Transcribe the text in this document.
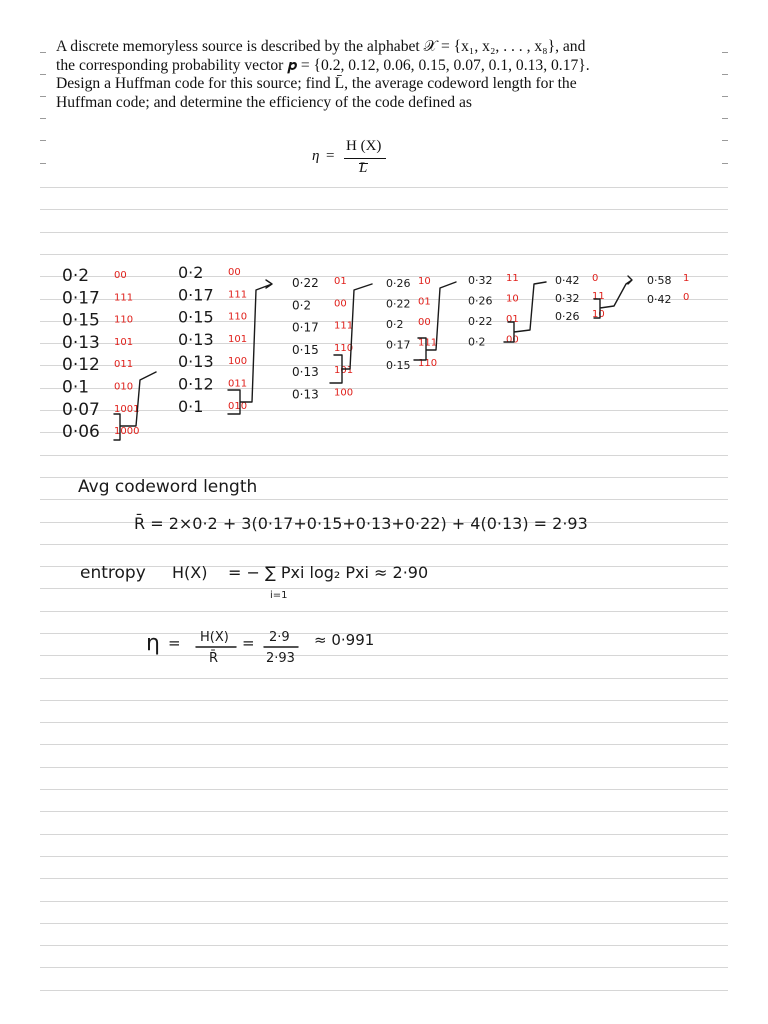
A discrete memoryless source is described by the alphabet 𝒳 = {x₁, x₂, . . . , x₈}, and
the corresponding probability vector 𝒑 = {0.2, 0.12, 0.06, 0.15, 0.07, 0.1, 0.13, 0.17}.
Design a Huffman code for this source; find L̄, the average codeword length for the
Huffman code; and determine the efficiency of the code defined as
η =
H (X)
L
0·2 00
0·17 111
0·15 110
0·13 101
0·12 011
0·1 010
0·07 1001
0·06 1000
0·2 00
0·17 111
0·15 110
0·13 101
0·13 100
0·12 011
0·1 010
0·22 01
0·2 00
0·17 111
0·15 110
0·13 101
0·13 100
0·26 10
0·22 01
0·2 00
0·17 111
0·15 110
0·32 11
0·26 10
0·22 01
0·2 00
0·42 0
0·32 11
0·26 10
0·58 1
0·42 0
Avg codeword length
R̄ = 2×0·2 + 3(0·17+0·15+0·13+0·22) + 4(0·13) = 2·93
entropy H(X) = − ∑ Pxi log₂ Pxi ≈ 2·90
i=1
η = H(X)
R̄
= 2·9
2·93
≈ 0·991
